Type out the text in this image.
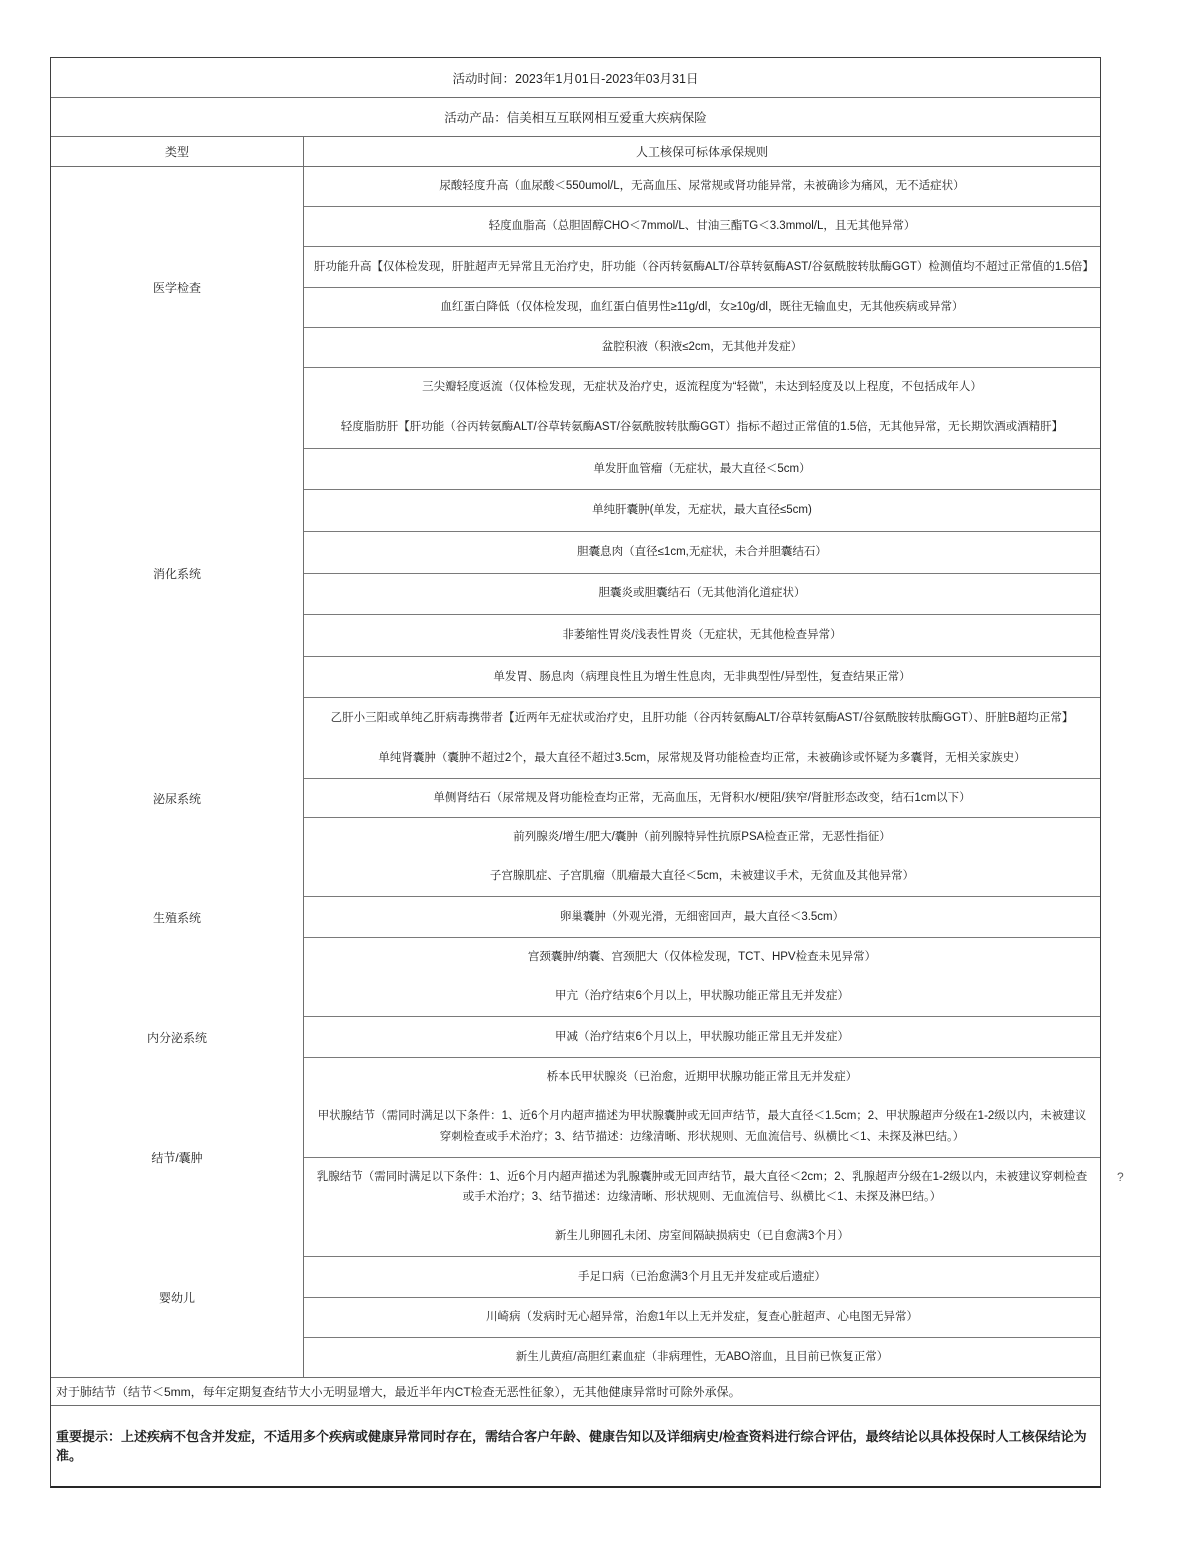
活动时间：2023年1月01日-2023年03月31日
活动产品：信美相互互联网相互爱重大疾病保险
类型	人工核保可标体承保规则
医学检查
尿酸轻度升高（血尿酸＜550umol/L，无高血压、尿常规或肾功能异常，未被确诊为痛风，无不适症状）
轻度血脂高（总胆固醇CHO＜7mmol/L、甘油三酯TG＜3.3mmol/L，且无其他异常）
肝功能升高【仅体检发现，肝脏超声无异常且无治疗史，肝功能（谷丙转氨酶ALT/谷草转氨酶AST/谷氨酰胺转肽酶GGT）检测值均不超过正常值的1.5倍】
血红蛋白降低（仅体检发现，血红蛋白值男性≥11g/dl，女≥10g/dl，既往无输血史，无其他疾病或异常）
盆腔积液（积液≤2cm，无其他并发症）
三尖瓣轻度返流（仅体检发现，无症状及治疗史，返流程度为“轻微”，未达到轻度及以上程度，不包括成年人）
消化系统
轻度脂肪肝【肝功能（谷丙转氨酶ALT/谷草转氨酶AST/谷氨酰胺转肽酶GGT）指标不超过正常值的1.5倍，无其他异常，无长期饮酒或酒精肝】
单发肝血管瘤（无症状，最大直径＜5cm）
单纯肝囊肿(单发，无症状，最大直径≤5cm)
胆囊息肉（直径≤1cm,无症状，未合并胆囊结石）
胆囊炎或胆囊结石（无其他消化道症状）
非萎缩性胃炎/浅表性胃炎（无症状，无其他检查异常）
单发胃、肠息肉（病理良性且为增生性息肉，无非典型性/异型性，复查结果正常）
乙肝小三阳或单纯乙肝病毒携带者【近两年无症状或治疗史，且肝功能（谷丙转氨酶ALT/谷草转氨酶AST/谷氨酰胺转肽酶GGT）、肝脏B超均正常】
泌尿系统
单纯肾囊肿（囊肿不超过2个，最大直径不超过3.5cm，尿常规及肾功能检查均正常，未被确诊或怀疑为多囊肾，无相关家族史）
单侧肾结石（尿常规及肾功能检查均正常，无高血压，无肾积水/梗阻/狭窄/肾脏形态改变，结石1cm以下）
前列腺炎/增生/肥大/囊肿（前列腺特异性抗原PSA检查正常，无恶性指征）
生殖系统
子宫腺肌症、子宫肌瘤（肌瘤最大直径＜5cm，未被建议手术，无贫血及其他异常）
卵巢囊肿（外观光滑，无细密回声，最大直径＜3.5cm）
宫颈囊肿/纳囊、宫颈肥大（仅体检发现，TCT、HPV检查未见异常）
内分泌系统
甲亢（治疗结束6个月以上，甲状腺功能正常且无并发症）
甲减（治疗结束6个月以上，甲状腺功能正常且无并发症）
桥本氏甲状腺炎（已治愈，近期甲状腺功能正常且无并发症）
结节/囊肿
甲状腺结节（需同时满足以下条件：1、近6个月内超声描述为甲状腺囊肿或无回声结节，最大直径＜1.5cm；2、甲状腺超声分级在1-2级以内，未被建议穿刺检查或手术治疗；3、结节描述：边缘清晰、形状规则、无血流信号、纵横比＜1、未探及淋巴结。）
乳腺结节（需同时满足以下条件：1、近6个月内超声描述为乳腺囊肿或无回声结节，最大直径＜2cm；2、乳腺超声分级在1-2级以内，未被建议穿刺检查或手术治疗；3、结节描述：边缘清晰、形状规则、无血流信号、纵横比＜1、未探及淋巴结。）
婴幼儿
新生儿卵圆孔未闭、房室间隔缺损病史（已自愈满3个月）
手足口病（已治愈满3个月且无并发症或后遗症）
川崎病（发病时无心超异常，治愈1年以上无并发症，复查心脏超声、心电图无异常）
新生儿黄疸/高胆红素血症（非病理性，无ABO溶血，且目前已恢复正常）
对于肺结节（结节＜5mm，每年定期复查结节大小无明显增大，最近半年内CT检查无恶性征象），无其他健康异常时可除外承保。
重要提示：上述疾病不包含并发症，不适用多个疾病或健康异常同时存在，需结合客户年龄、健康告知以及详细病史/检查资料进行综合评估，最终结论以具体投保时人工核保结论为准。
?
